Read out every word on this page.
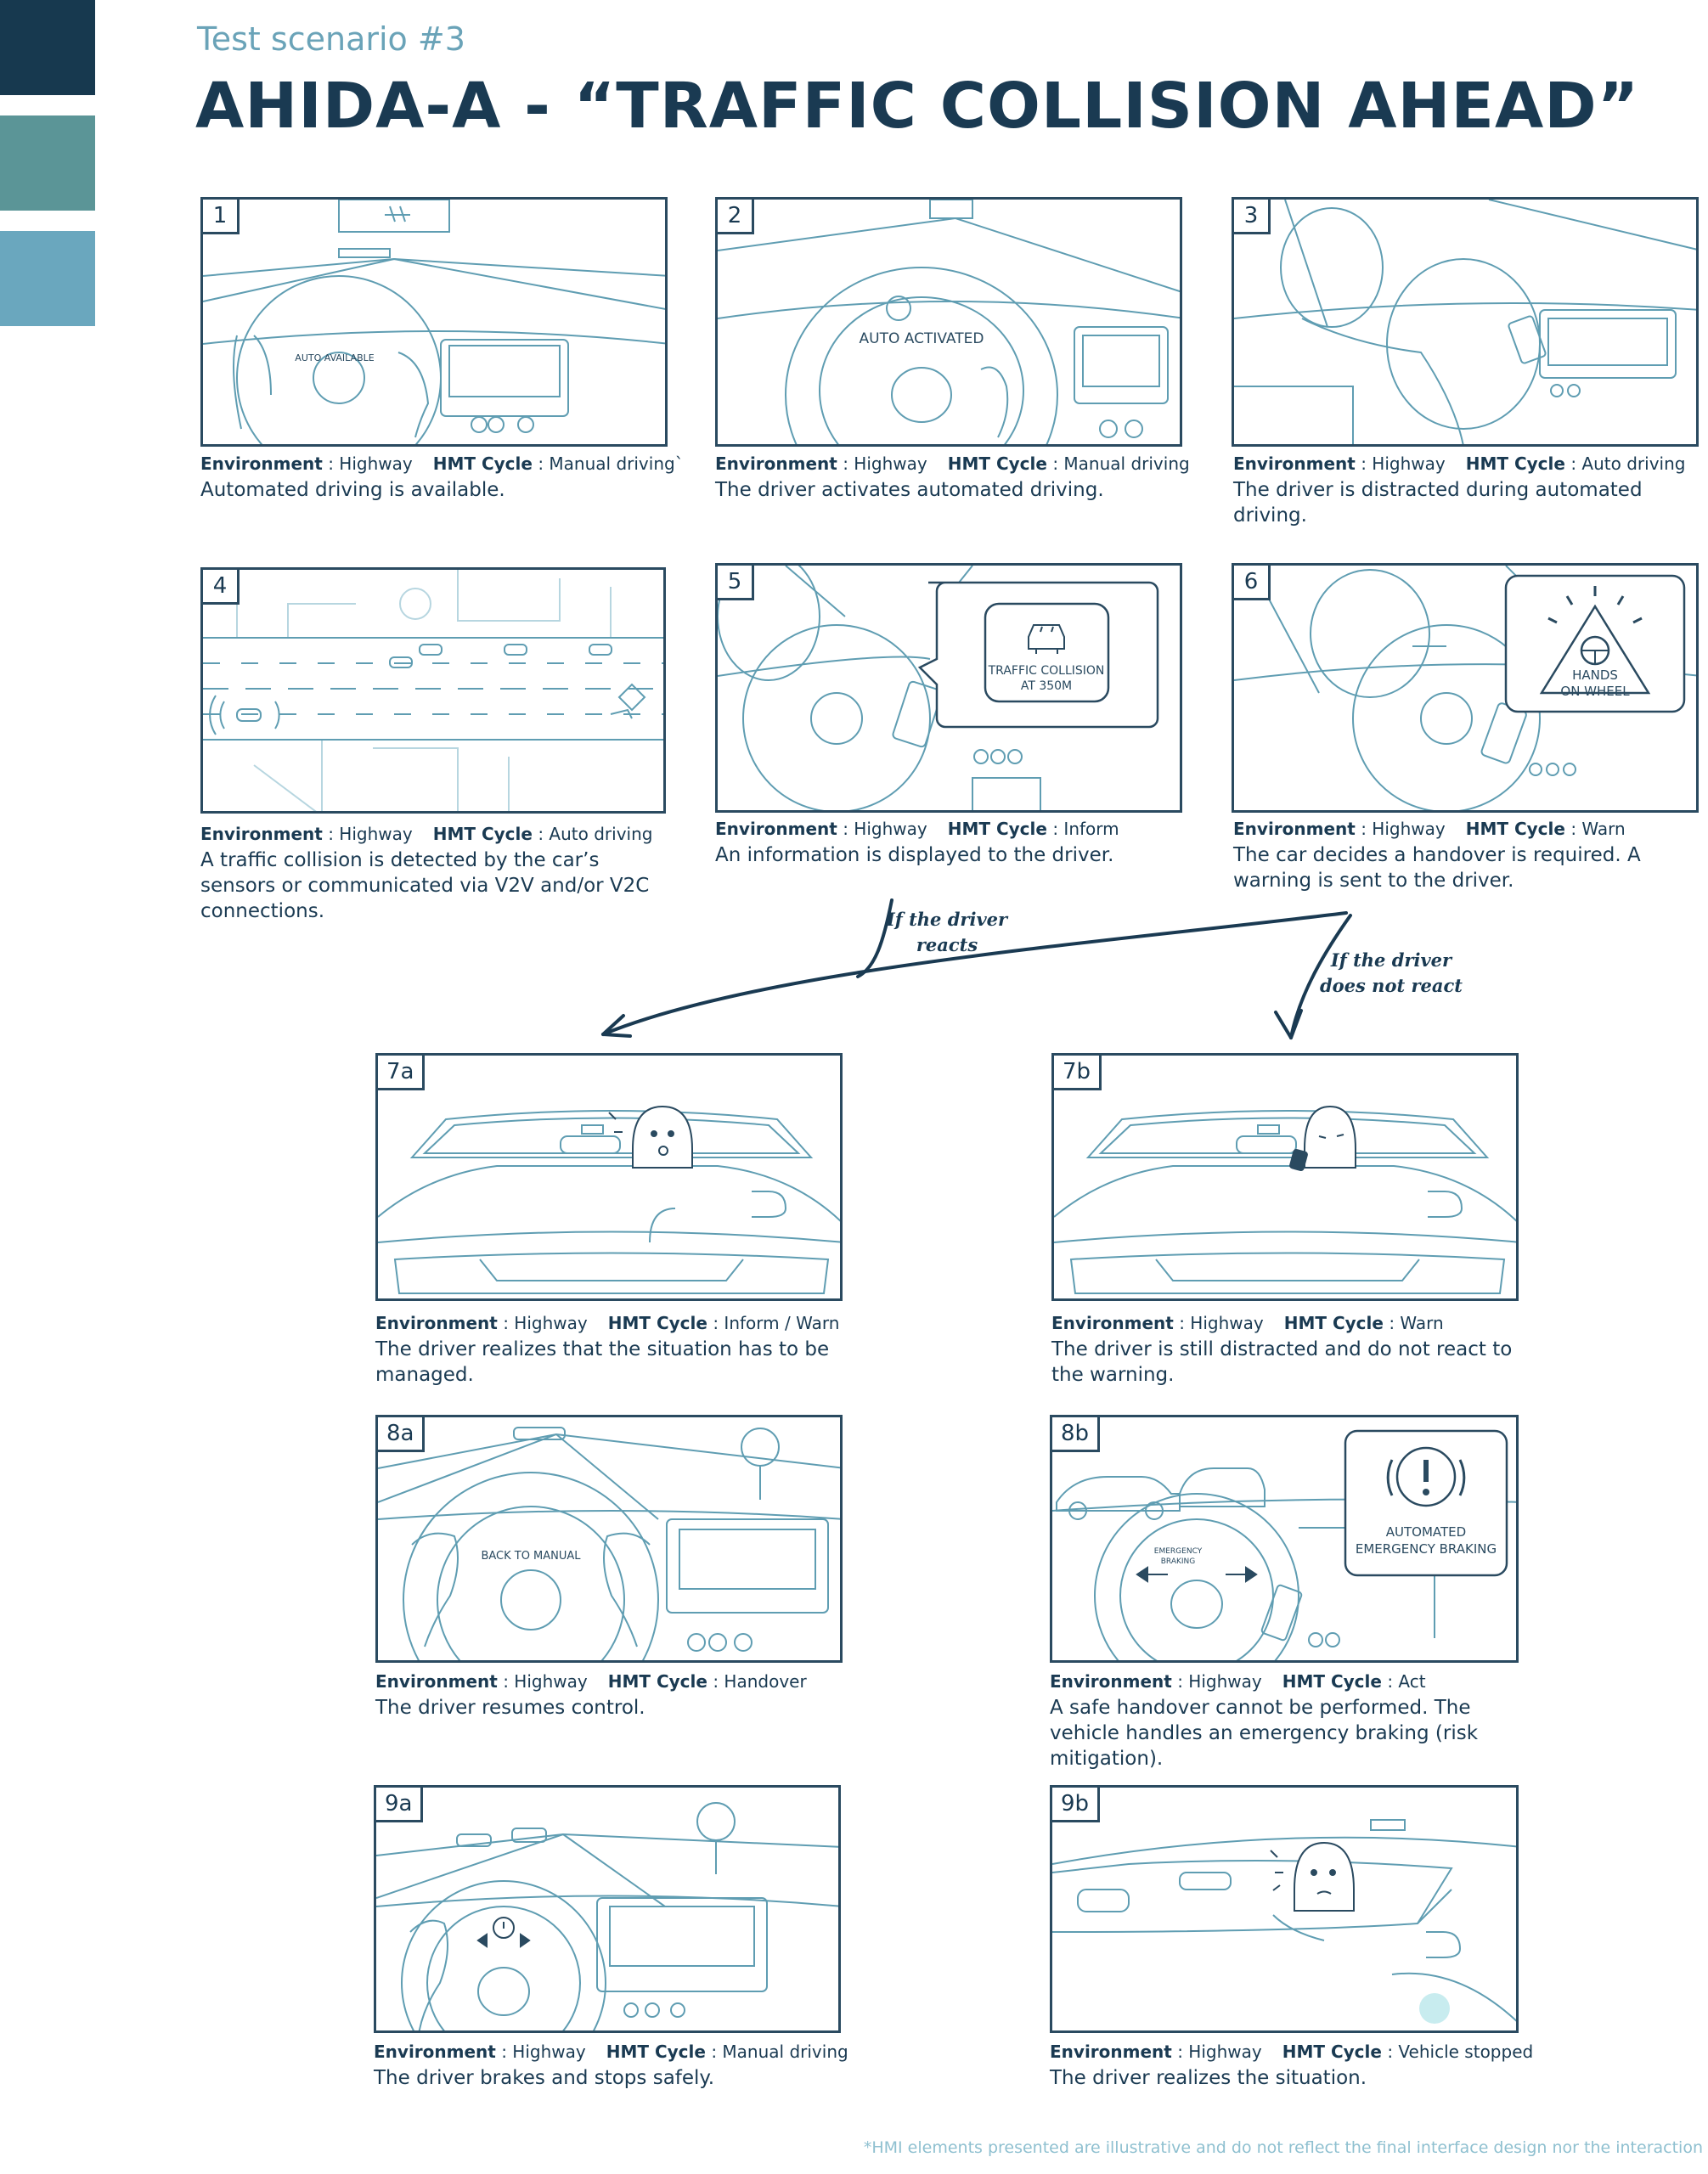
Test scenario #3
AHIDA-A - “TRAFFIC COLLISION AHEAD”
AUTO AVAILABLE
1
Environment : Highway HMT Cycle : Manual driving`
Automated driving is available.
AUTO ACTIVATED
2
Environment : Highway HMT Cycle : Manual driving
The driver activates automated driving.
3
Environment : Highway HMT Cycle : Auto driving
The driver is distracted during automated driving.
4
Environment : Highway HMT Cycle : Auto driving
A traffic collision is detected by the car’s sensors or communicated via V2V and/or V2C connections.
TRAFFIC COLLISION
AT 350M
5
Environment : Highway HMT Cycle : Inform
An information is displayed to the driver.
HANDS
ON WHEEL
6
Environment : Highway HMT Cycle : Warn
The car decides a handover is required. A warning is sent to the driver.
If the driver
reacts
If the driver
does not react
7a
Environment : Highway HMT Cycle : Inform / Warn
The driver realizes that the situation has to be managed.
7b
Environment : Highway HMT Cycle : Warn
The driver is still distracted and do not react to the warning.
BACK TO MANUAL
8a
Environment : Highway HMT Cycle : Handover
The driver resumes control.
EMERGENCY
BRAKING
AUTOMATED
EMERGENCY BRAKING
8b
Environment : Highway HMT Cycle : Act
A safe handover cannot be performed. The vehicle handles an emergency braking (risk mitigation).
9a
Environment : Highway HMT Cycle : Manual driving
The driver brakes and stops safely.
9b
Environment : Highway HMT Cycle : Vehicle stopped
The driver realizes the situation.
*HMI elements presented are illustrative and do not reflect the final interface design nor the interaction
